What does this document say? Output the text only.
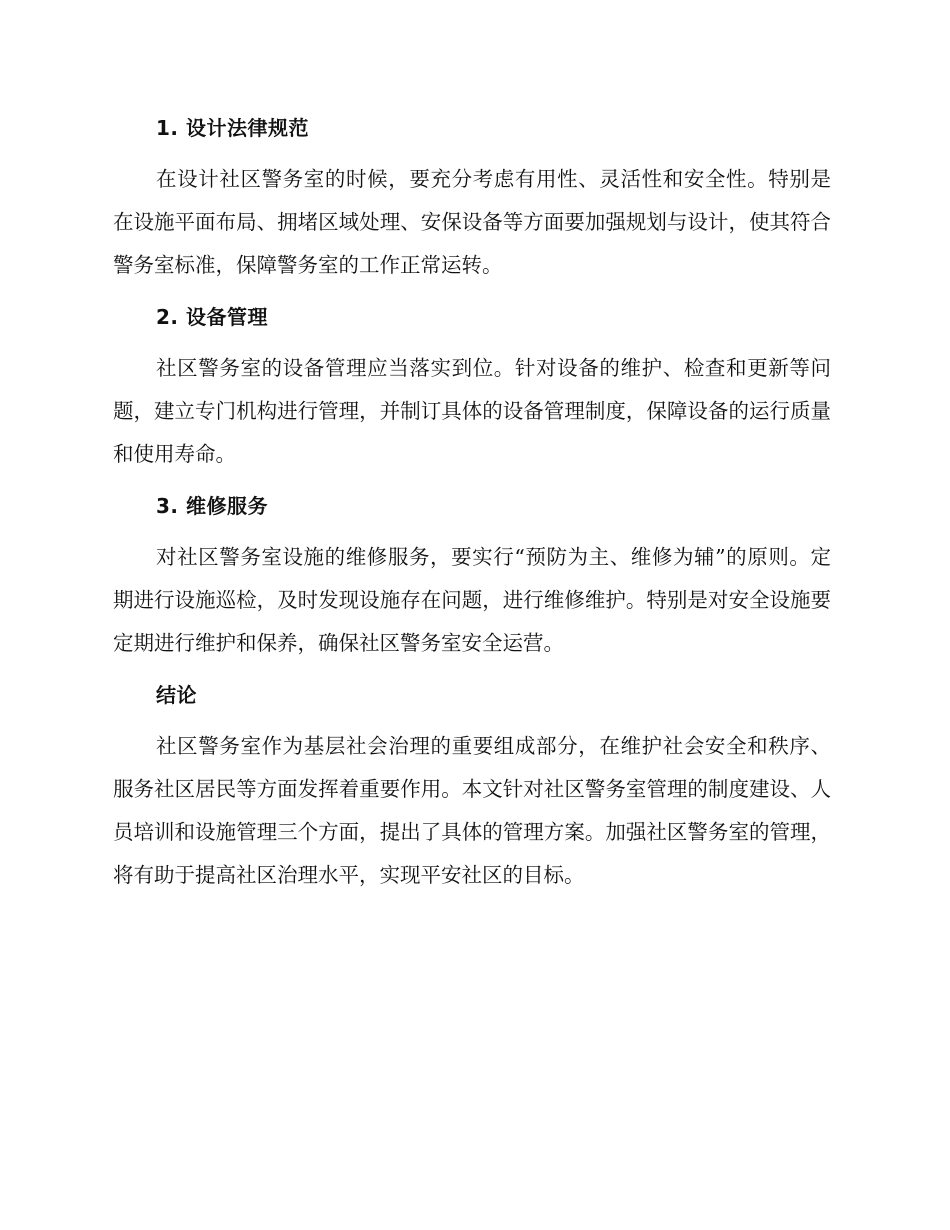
1. 设计法律规范

在设计社区警务室的时候，要充分考虑有用性、灵活性和安全性。特别是在设施平面布局、拥堵区域处理、安保设备等方面要加强规划与设计，使其符合警务室标准，保障警务室的工作正常运转。

2. 设备管理

社区警务室的设备管理应当落实到位。针对设备的维护、检查和更新等问题，建立专门机构进行管理，并制订具体的设备管理制度，保障设备的运行质量和使用寿命。

3. 维修服务

对社区警务室设施的维修服务，要实行“预防为主、维修为辅”的原则。定期进行设施巡检，及时发现设施存在问题，进行维修维护。特别是对安全设施要定期进行维护和保养，确保社区警务室安全运营。

结论

社区警务室作为基层社会治理的重要组成部分，在维护社会安全和秩序、服务社区居民等方面发挥着重要作用。本文针对社区警务室管理的制度建设、人员培训和设施管理三个方面，提出了具体的管理方案。加强社区警务室的管理，将有助于提高社区治理水平，实现平安社区的目标。
